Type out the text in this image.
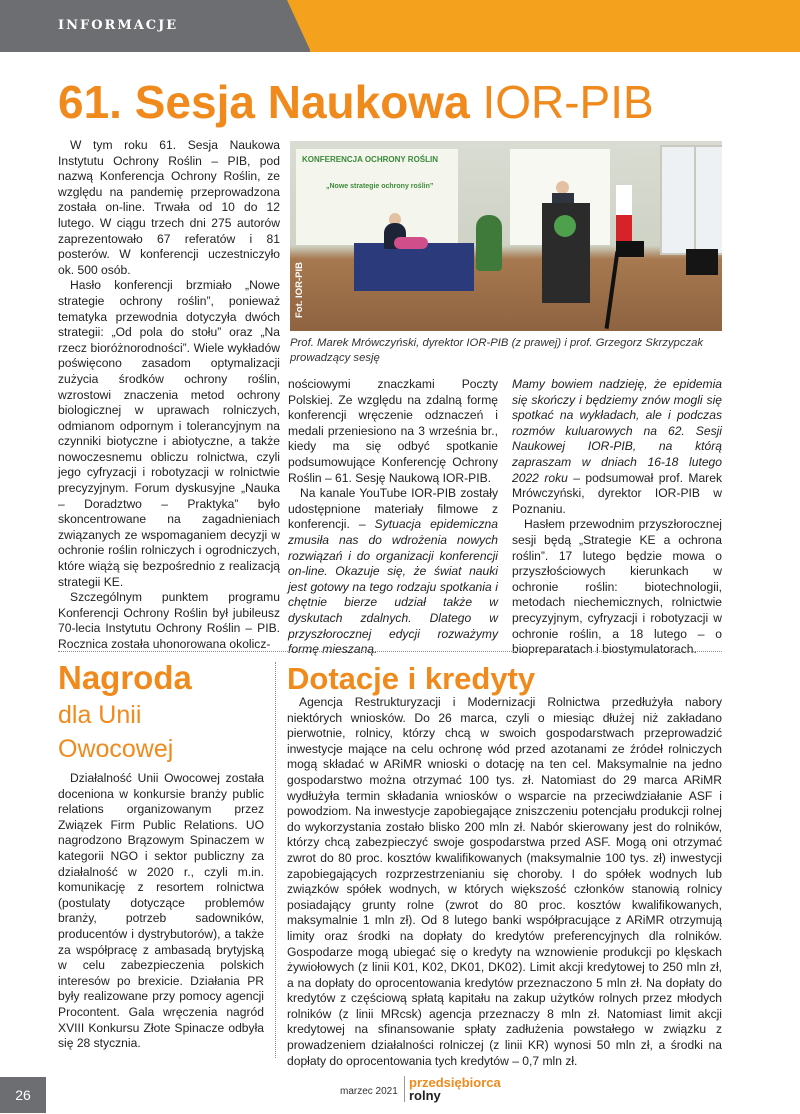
INFORMACJE
61. Sesja Naukowa IOR-PIB

W tym roku 61. Sesja Naukowa Instytutu Ochrony Roślin – PIB, pod nazwą Konferencja Ochrony Roślin, ze względu na pandemię przeprowadzona została on-line. Trwała od 10 do 12 lutego. W ciągu trzech dni 275 autorów zaprezentowało 67 referatów i 81 posterów. W konferencji uczestniczyło ok. 500 osób.

Hasło konferencji brzmiało „Nowe strategie ochrony roślin”, ponieważ tematyka przewodnia dotyczyła dwóch strategii: „Od pola do stołu” oraz „Na rzecz bioróżnorodności”. Wiele wykładów poświęcono zasadom optymalizacji zużycia środków ochrony roślin, wzrostowi znaczenia metod ochrony biologicznej w uprawach rolniczych, odmianom odpornym i tolerancyjnym na czynniki biotyczne i abiotyczne, a także nowoczesnemu obliczu rolnictwa, czyli jego cyfryzacji i robotyzacji w rolnictwie precyzyjnym. Forum dyskusyjne „Nauka – Doradztwo – Praktyka” było skoncentrowane na zagadnieniach związanych ze wspomaganiem decyzji w ochronie roślin rolniczych i ogrodniczych, które wiążą się bezpośrednio z realizacją strategii KE.

Szczególnym punktem programu Konferencji Ochrony Roślin był jubileusz 70-lecia Instytutu Ochrony Roślin – PIB. Rocznica została uhonorowana okolicz-

KONFERENCJA OCHRONY ROŚLIN
„Nowe strategie ochrony roślin”
Fot. IOR-PIB

Prof. Marek Mrówczyński, dyrektor IOR-PIB (z prawej) i prof. Grzegorz Skrzypczak prowadzący sesję

nościowymi znaczkami Poczty Polskiej. Ze względu na zdalną formę konferencji wręczenie odznaczeń i medali przeniesiono na 3 września br., kiedy ma się odbyć spotkanie podsumowujące Konferencję Ochrony Roślin – 61. Sesję Naukową IOR-PIB.

Na kanale YouTube IOR-PIB zostały udostępnione materiały filmowe z konferencji. – Sytuacja epidemiczna zmusiła nas do wdrożenia nowych rozwiązań i do organizacji konferencji on-line. Okazuje się, że świat nauki jest gotowy na tego rodzaju spotkania i chętnie bierze udział także w dyskutach zdalnych. Dlatego w przyszłorocznej edycji rozważymy formę mieszaną.

Mamy bowiem nadzieję, że epidemia się skończy i będziemy znów mogli się spotkać na wykładach, ale i podczas rozmów kuluarowych na 62. Sesji Naukowej IOR-PIB, na którą zapraszam w dniach 16-18 lutego 2022 roku – podsumował prof. Marek Mrówczyński, dyrektor IOR-PIB w Poznaniu.

Hasłem przewodnim przyszłorocznej sesji będą „Strategie KE a ochrona roślin”. 17 lutego będzie mowa o przyszłościowych kierunkach w ochronie roślin: biotechnologii, metodach niechemicznych, rolnictwie precyzyjnym, cyfryzacji i robotyzacji w ochronie roślin, a 18 lutego – o biopreparatach i biostymulatorach.

Nagroda
dla Unii
Owocowej

Działalność Unii Owocowej została doceniona w konkursie branży public relations organizowanym przez Związek Firm Public Relations. UO nagrodzono Brązowym Spinaczem w kategorii NGO i sektor publiczny za działalność w 2020 r., czyli m.in. komunikację z resortem rolnictwa (postulaty dotyczące problemów branży, potrzeb sadowników, producentów i dystrybutorów), a także za współpracę z ambasadą brytyjską w celu zabezpieczenia polskich interesów po brexicie. Działania PR były realizowane przy pomocy agencji Procontent. Gala wręczenia nagród XVIII Konkursu Złote Spinacze odbyła się 28 stycznia.

Dotacje i kredyty

Agencja Restrukturyzacji i Modernizacji Rolnictwa przedłużyła nabory niektórych wniosków. Do 26 marca, czyli o miesiąc dłużej niż zakładano pierwotnie, rolnicy, którzy chcą w swoich gospodarstwach przeprowadzić inwestycje mające na celu ochronę wód przed azotanami ze źródeł rolniczych mogą składać w ARiMR wnioski o dotację na ten cel. Maksymalnie na jedno gospodarstwo można otrzymać 100 tys. zł. Natomiast do 29 marca ARiMR wydłużyła termin składania wniosków o wsparcie na przeciwdziałanie ASF i powodziom. Na inwestycje zapobiegające zniszczeniu potencjału produkcji rolnej do wykorzystania zostało blisko 200 mln zł. Nabór skierowany jest do rolników, którzy chcą zabezpieczyć swoje gospodarstwa przed ASF. Mogą oni otrzymać zwrot do 80 proc. kosztów kwalifikowanych (maksymalnie 100 tys. zł) inwestycji zapobiegających rozprzestrzenianiu się choroby. I do spółek wodnych lub związków spółek wodnych, w których większość członków stanowią rolnicy posiadający grunty rolne (zwrot do 80 proc. kosztów kwalifikowanych, maksymalnie 1 mln zł). Od 8 lutego banki współpracujące z ARiMR otrzymują limity oraz środki na dopłaty do kredytów preferencyjnych dla rolników. Gospodarze mogą ubiegać się o kredyty na wznowienie produkcji po klęskach żywiołowych (z linii K01, K02, DK01, DK02). Limit akcji kredytowej to 250 mln zł, a na dopłaty do oprocentowania kredytów przeznaczono 5 mln zł. Na dopłaty do kredytów z częściową spłatą kapitału na zakup użytków rolnych przez młodych rolników (z linii MRcsk) agencja przeznaczy 8 mln zł. Natomiast limit akcji kredytowej na sfinansowanie spłaty zadłużenia powstałego w związku z prowadzeniem działalności rolniczej (z linii KR) wynosi 50 mln zł, a środki na dopłaty do oprocentowania tych kredytów – 0,7 mln zł.

26	marzec 2021
przedsiębiorca
rolny
